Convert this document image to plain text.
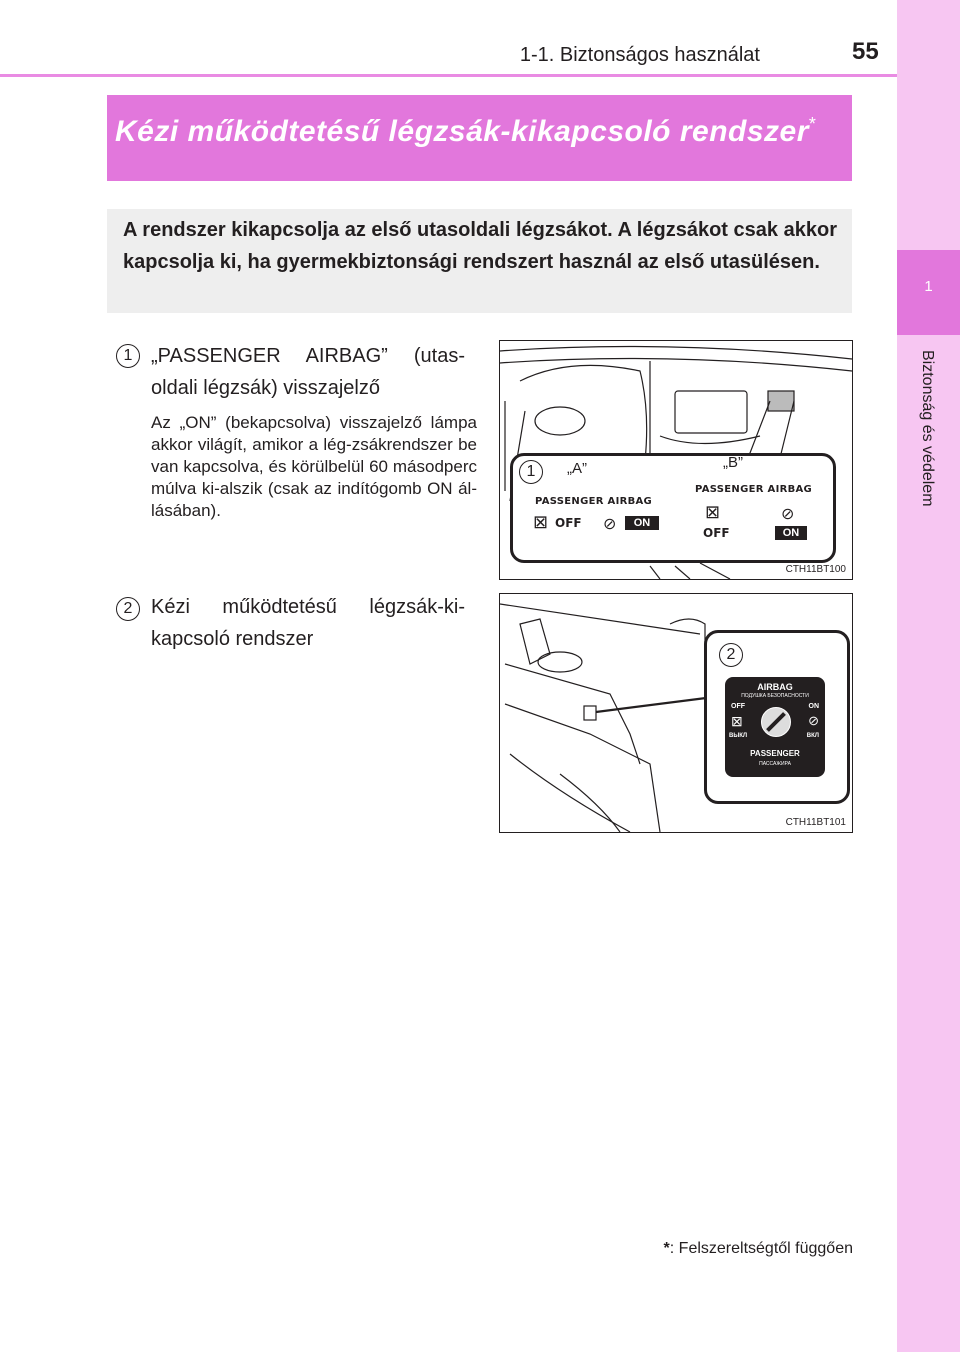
1-1. Biztonságos használat	55
1
Biztonság és védelem
Kézi működtetésű légzsák-kikapcsoló rendszer*
A rendszer kikapcsolja az első utasoldali légzsákot. A légzsákot csak akkor kapcsolja ki, ha gyermekbiztonsági rendszert használ az első utasülésen.
1 „PASSENGER AIRBAG” (utas-oldali légzsák) visszajelző
Az „ON” (bekapcsolva) visszajelző lámpa akkor világít, amikor a lég-zsákrendszer be van kapcsolva, és körülbelül 60 másodperc múlva ki-alszik (csak az indítógomb ON ál-lásában).
2 Kézi működtetésű légzsák-ki-kapcsoló rendszer
1	„A”	„B”
PASSENGER AIRBAG
PASSENGER AIRBAG
⊠ OFF ⊘	ON
⊠
OFF
⊘
ON
CTH11BT100
2
AIRBAG
ПОДУШКА БЕЗОПАСНОСТИ
OFF	ON
⊠	⊘
ВЫКЛ	ВКЛ
PASSENGER
ПАССАЖИРА
CTH11BT101
*: Felszereltségtől függően
